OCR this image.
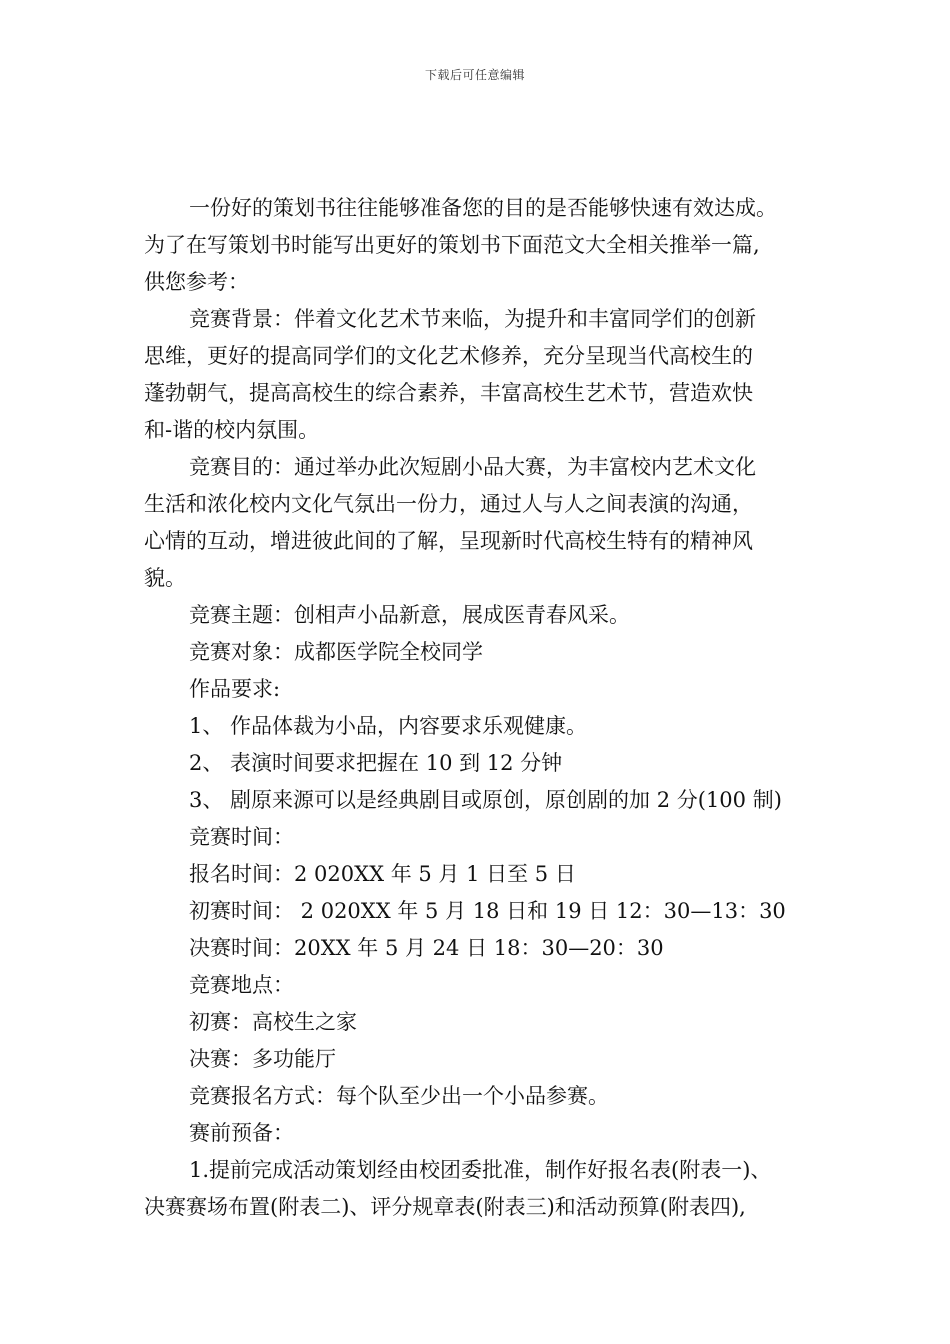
下载后可任意编辑

一份好的策划书往往能够准备您的目的是否能够快速有效达成。

为了在写策划书时能写出更好的策划书下面范文大全相关推举一篇,

供您参考：

竞赛背景：伴着文化艺术节来临，为提升和丰富同学们的创新

思维，更好的提高同学们的文化艺术修养，充分呈现当代高校生的

蓬勃朝气，提高高校生的综合素养，丰富高校生艺术节，营造欢快

和-谐的校内氛围。

竞赛目的：通过举办此次短剧小品大赛，为丰富校内艺术文化

生活和浓化校内文化气氛出一份力，通过人与人之间表演的沟通，

心情的互动，增进彼此间的了解，呈现新时代高校生特有的精神风

貌。

竞赛主题：创相声小品新意，展成医青春风采。

竞赛对象：成都医学院全校同学

作品要求:

1、 作品体裁为小品，内容要求乐观健康。

2、 表演时间要求把握在 10 到 12 分钟

3、 剧原来源可以是经典剧目或原创，原创剧的加 2 分(100 制)

竞赛时间：

报名时间：2 020XX 年 5 月 1 日至 5 日

初赛时间： 2 020XX 年 5 月 18 日和 19 日 12：30—13：30

决赛时间：20XX 年 5 月 24 日 18：30—20：30

竞赛地点：

初赛：高校生之家

决赛：多功能厅

竞赛报名方式：每个队至少出一个小品参赛。

赛前预备：

1.提前完成活动策划经由校团委批准，制作好报名表(附表一)、

决赛赛场布置(附表二)、评分规章表(附表三)和活动预算(附表四),
